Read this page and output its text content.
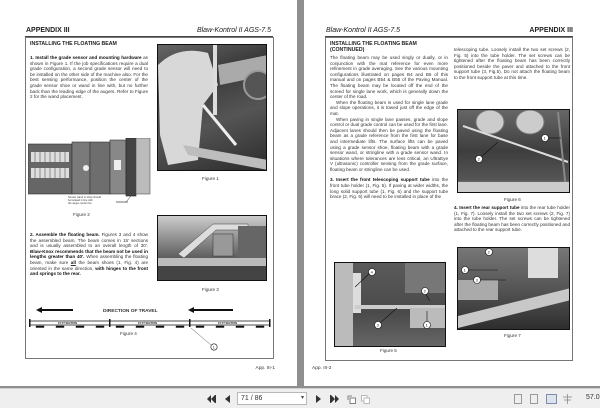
APPENDIX III	Blaw-Kontrol II AGS-7.5
INSTALLING THE FLOATING BEAM
1. Install the grade sensor and mounting hardware as shown in Figure 1. If the job specifications require a dual grade configuration, a second grade sensor will need to be installed on the other side of the machine also. For the best sensing performance, position the center of the grade sensor shoe or wand in line with, but no further back than the leading edge of the augers. Refer to Figure 2 for the wand placement.
Sensor wand or shoe should
be located in line with
the auger center line
Figure 2
Figure 1
2. Assemble the floating beam. Figures 3 and 4 show the assembled beam. The beam comes in 15' sections and is usually assembled to an overall length of 30'. Blaw-Knox recommends that the beam not be used in lengths greater than 40'. When assembling the floating beam, make sure all the beam shoes (1, Fig. 4) are oriented in the same direction, with hinges to the front and springs to the rear.
Figure 3
15 FT SECTION	15 FT SECTION	15 FT SECTION
1
DIRECTION OF TRAVEL
Figure 4
App. III-1
Blaw-Kontrol II AGS-7.5	APPENDIX III
INSTALLING THE FLOATING BEAM
(CONTINUED)
The floating beam may be used singly or dually, or in conjunction with the mat reference for even more refinement in grade averaging. See the various mounting configurations illustrated on pages B4 and B5 of this manual and on pages B54 & B55 of the Paving Manual. The floating beam may be located off the end of the screed for single lane work, which is generally down the center of the road.
When the floating beam is used for single lane grade and slope operations, it is towed just off the edge of the mat.
When paving in single lane passes, grade and slope control or dual grade control can be used for the first lane. Adjacent lanes should then be paved using the floating beam as a grade reference from the first lane for base and intermediate lifts. The surface lifts can be paved using a grade sensor shoe, floating beam with a grade sensor wand, or stringline with a grade sensor wand. In situations where tolerances are less critical, an UltraEye V (ultrasonic) controller sensing from the grade surface, floating beam or stringline can be used.
3. Insert the front telescoping support tube into the front tube holder (1, Fig. 5). If paving at wider widths, the long solid support tube (1, Fig. 6) and the support tube brace (2, Fig. 6) will need to be installed in place of the
telescoping tube. Loosely install the two set screws (2, Fig. 5) into the tube holder. The set screws can be tightened after the floating beam has been correctly positioned beside the paver and attached to the front support tube (3, Fig.5). Do not attach the floating beam to the front support tube at this time.
2
1
Figure 6
4. Insert the rear support tube into the rear tube holder (1, Fig. 7). Loosely install the two set screws (2, Fig. 7) into the tube holder. The set screws can be tightened after the floating beam has been correctly positioned and attached to the rear support tube.
4
2
1
3
Figure 5
2
1
3
Figure 7
App. III-2
71 / 86	▾	57.0
